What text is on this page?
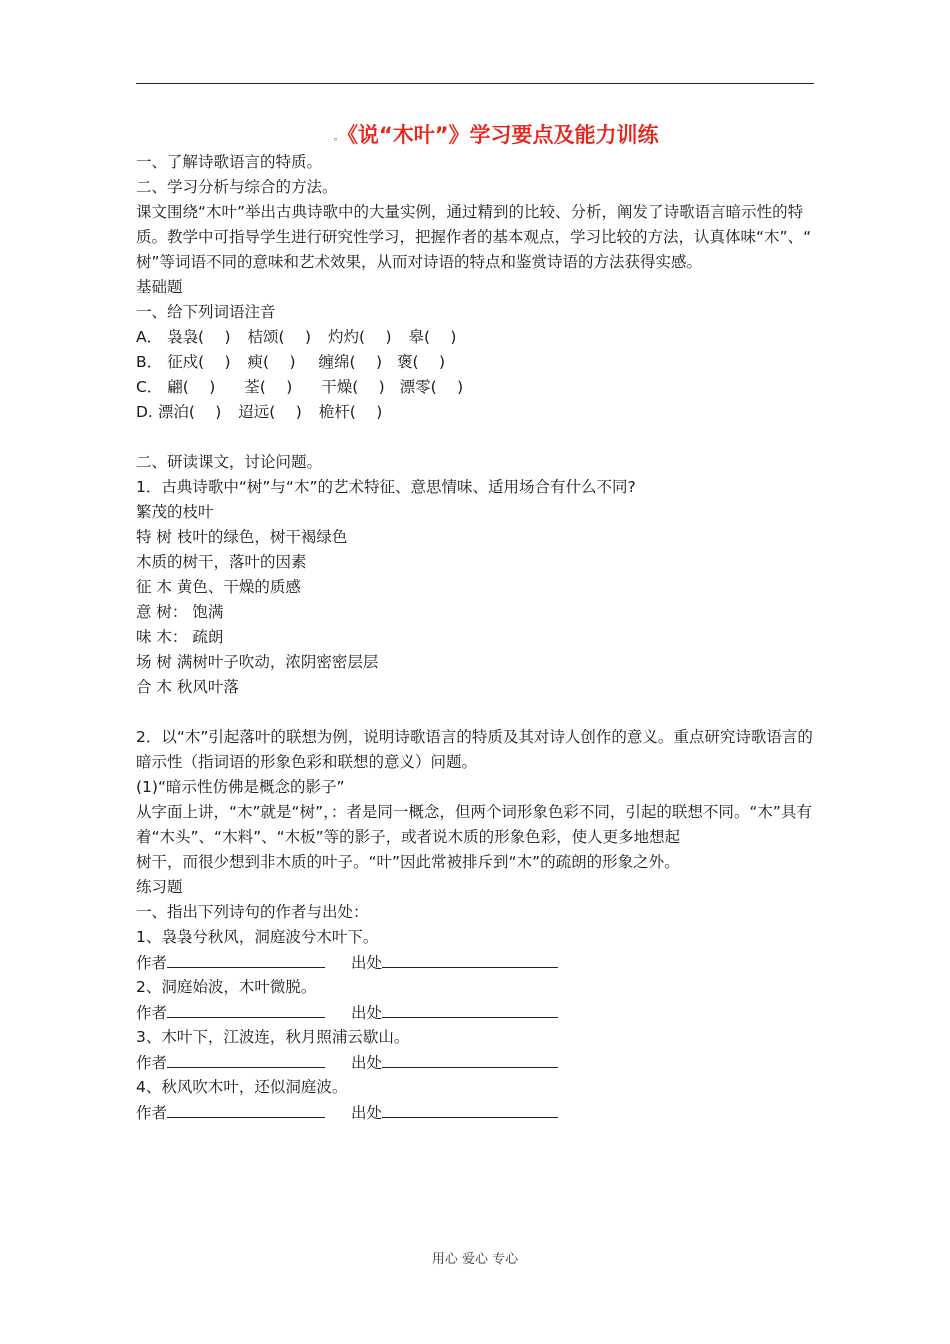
。 《说“木叶”》学习要点及能力训练
一、了解诗歌语言的特质。
二、学习分析与综合的方法。
课文围绕“木叶”举出古典诗歌中的大量实例，通过精到的比较、分析，阐发了诗歌语言暗示性的特
质。教学中可指导学生进行研究性学习，把握作者的基本观点，学习比较的方法，认真体味“木”、“
树”等词语不同的意味和艺术效果，从而对诗语的特点和鉴赏诗语的方法获得实感。
基础题
一、给下列词语注音
A． 袅袅(　 ) 桔颂(　 ) 灼灼(　 ) 皋(　 )
B． 征戍(　 ) 瘐(　 ) 缠绵(　 ) 褒(　 )
C． 翩(　 ) 荃(　 ) 干燥(　 ) 漂零(　 )
D. 漂泊(　 ) 迢远(　 ) 桅杆(　 )
二、研读课文，讨论问题。
1．古典诗歌中“树”与“木”的艺术特征、意思情味、适用场合有什么不同?
繁茂的枝叶
特 树 枝叶的绿色，树干褐绿色
木质的树干，落叶的因素
征 木 黄色、干燥的质感
意 树： 饱满
味 木： 疏朗
场 树 满树叶子吹动，浓阴密密层层
合 木 秋风叶落
2．以“木”引起落叶的联想为例，说明诗歌语言的特质及其对诗人创作的意义。重点研究诗歌语言的
暗示性（指词语的形象色彩和联想的意义）问题。
(1)“暗示性仿佛是概念的影子”
从字面上讲，“木”就是“树”，：者是同一概念，但两个词形象色彩不同，引起的联想不同。“木”具有着“木头”、“木料”、“木板”等的影子，或者说木质的形象色彩，使人更多地想起
树干，而很少想到非木质的叶子。“叶”因此常被排斥到“木”的疏朗的形象之外。
练习题
一、指出下列诗句的作者与出处：
1、袅袅兮秋风，洞庭波兮木叶下。
作者	出处
2、洞庭始波，木叶微脱。
作者	出处
3、木叶下，江波连，秋月照浦云歇山。
作者	出处
4、秋风吹木叶，还似洞庭波。
作者	出处
用心 爱心 专心
